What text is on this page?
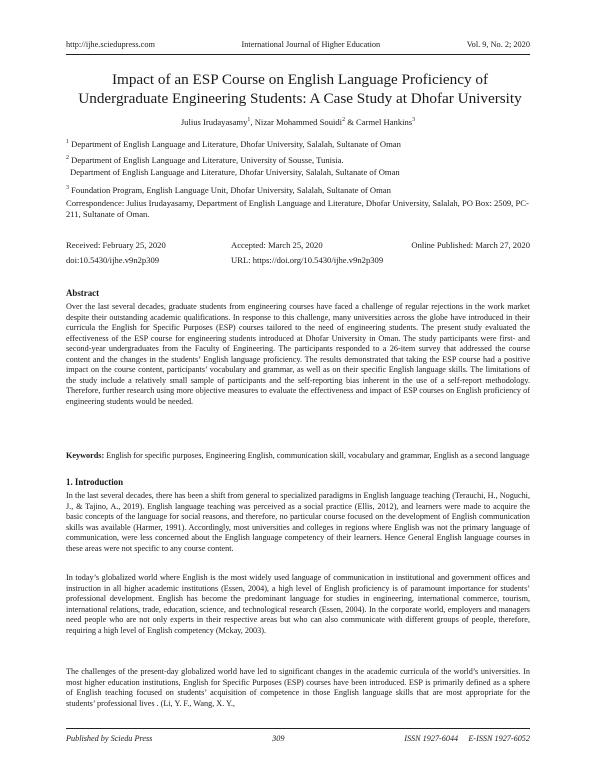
http://ijhe.sciedupress.com	International Journal of Higher Education	Vol. 9, No. 2; 2020
Impact of an ESP Course on English Language Proficiency of
Undergraduate Engineering Students: A Case Study at Dhofar University
Julius Irudayasamy$^1$, Nizar Mohammed Souidi$^2$ & Carmel Hankins$^3$
$^1$ Department of English Language and Literature, Dhofar University, Salalah, Sultanate of Oman
$^2$ Department of English Language and Literature, University of Sousse, Tunisia.
Department of English Language and Literature, Dhofar University, Salalah, Sultanate of Oman
$^3$ Foundation Program, English Language Unit, Dhofar University, Salalah, Sultanate of Oman
Correspondence: Julius Irudayasamy, Department of English Language and Literature, Dhofar University, Salalah, PO Box: 2509, PC-211, Sultanate of Oman.
Received: February 25, 2020	Accepted: March 25, 2020	Online Published: March 27, 2020
doi:10.5430/ijhe.v9n2p309	URL: https://doi.org/10.5430/ijhe.v9n2p309
Abstract

Over the last several decades, graduate students from engineering courses have faced a challenge of regular rejections in the work market despite their outstanding academic qualifications. In response to this challenge, many universities across the globe have introduced in their curricula the English for Specific Purposes (ESP) courses tailored to the need of engineering students. The present study evaluated the effectiveness of the ESP course for engineering students introduced at Dhofar University in Oman. The study participants were first- and second-year undergraduates from the Faculty of Engineering. The participants responded to a 26-item survey that addressed the course content and the changes in the students’ English language proficiency. The results demonstrated that taking the ESP course had a positive impact on the course content, participants’ vocabulary and grammar, as well as on their specific English language skills. The limitations of the study include a relatively small sample of participants and the self-reporting bias inherent in the use of a self-report methodology. Therefore, further research using more objective measures to evaluate the effectiveness and impact of ESP courses on English proficiency of engineering students would be needed.

Keywords: English for specific purposes, Engineering English, communication skill, vocabulary and grammar, English as a second language

1. Introduction

In the last several decades, there has been a shift from general to specialized paradigms in English language teaching (Terauchi, H., Noguchi, J., & Tajino, A., 2019). English language teaching was perceived as a social practice (Ellis, 2012), and learners were made to acquire the basic concepts of the language for social reasons, and therefore, no particular course focused on the development of English communication skills was available (Harmer, 1991). Accordingly, most universities and colleges in regions where English was not the primary language of communication, were less concerned about the English language competency of their learners. Hence General English language courses in these areas were not specific to any course content.

In today’s globalized world where English is the most widely used language of communication in institutional and government offices and instruction in all higher academic institutions (Essen, 2004), a high level of English proficiency is of paramount importance for students’ professional development. English has become the predominant language for studies in engineering, international commerce, tourism, international relations, trade, education, science, and technological research (Essen, 2004). In the corporate world, employers and managers need people who are not only experts in their respective areas but who can also communicate with different groups of people, therefore, requiring a high level of English competency (Mckay, 2003).

The challenges of the present-day globalized world have led to significant changes in the academic curricula of the world’s universities. In most higher education institutions, English for Specific Purposes (ESP) courses have been introduced. ESP is primarily defined as a sphere of English teaching focused on students’ acquisition of competence in those English language skills that are most appropriate for the students’ professional lives . (Li, Y. F., Wang, X. Y.,

Published by Sciedu Press	309	ISSN 1927-6044     E-ISSN 1927-6052
